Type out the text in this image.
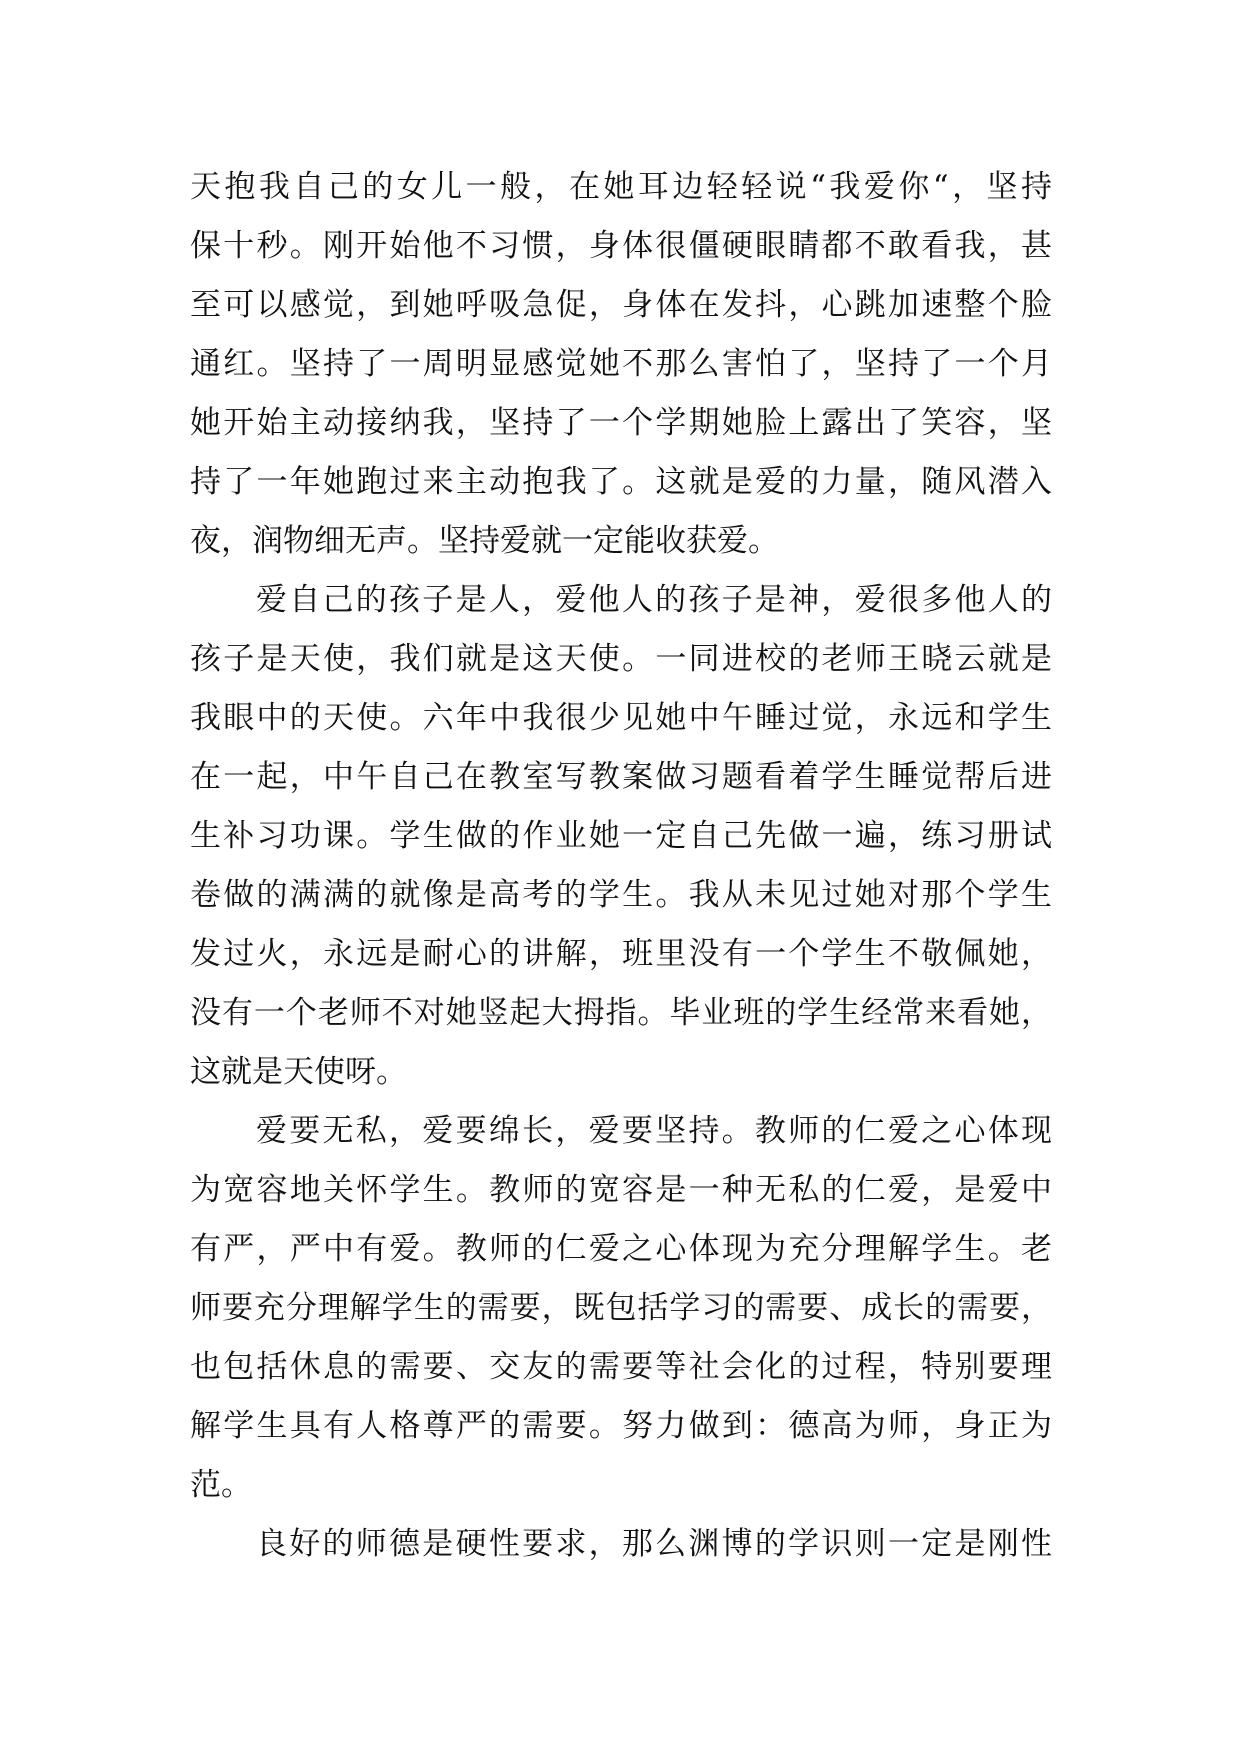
天抱我自己的女儿一般，在她耳边轻轻说“我爱你“，坚持
保十秒。刚开始他不习惯，身体很僵硬眼睛都不敢看我，甚
至可以感觉，到她呼吸急促，身体在发抖，心跳加速整个脸
通红。坚持了一周明显感觉她不那么害怕了，坚持了一个月
她开始主动接纳我，坚持了一个学期她脸上露出了笑容，坚
持了一年她跑过来主动抱我了。这就是爱的力量，随风潜入
夜，润物细无声。坚持爱就一定能收获爱。
爱自己的孩子是人，爱他人的孩子是神，爱很多他人的
孩子是天使，我们就是这天使。一同进校的老师王晓云就是
我眼中的天使。六年中我很少见她中午睡过觉，永远和学生
在一起，中午自己在教室写教案做习题看着学生睡觉帮后进
生补习功课。学生做的作业她一定自己先做一遍，练习册试
卷做的满满的就像是高考的学生。我从未见过她对那个学生
发过火，永远是耐心的讲解，班里没有一个学生不敬佩她，
没有一个老师不对她竖起大拇指。毕业班的学生经常来看她，
这就是天使呀。
爱要无私，爱要绵长，爱要坚持。教师的仁爱之心体现
为宽容地关怀学生。教师的宽容是一种无私的仁爱，是爱中
有严，严中有爱。教师的仁爱之心体现为充分理解学生。老
师要充分理解学生的需要，既包括学习的需要、成长的需要，
也包括休息的需要、交友的需要等社会化的过程，特别要理
解学生具有人格尊严的需要。努力做到：德高为师，身正为
范。
良好的师德是硬性要求，那么渊博的学识则一定是刚性
